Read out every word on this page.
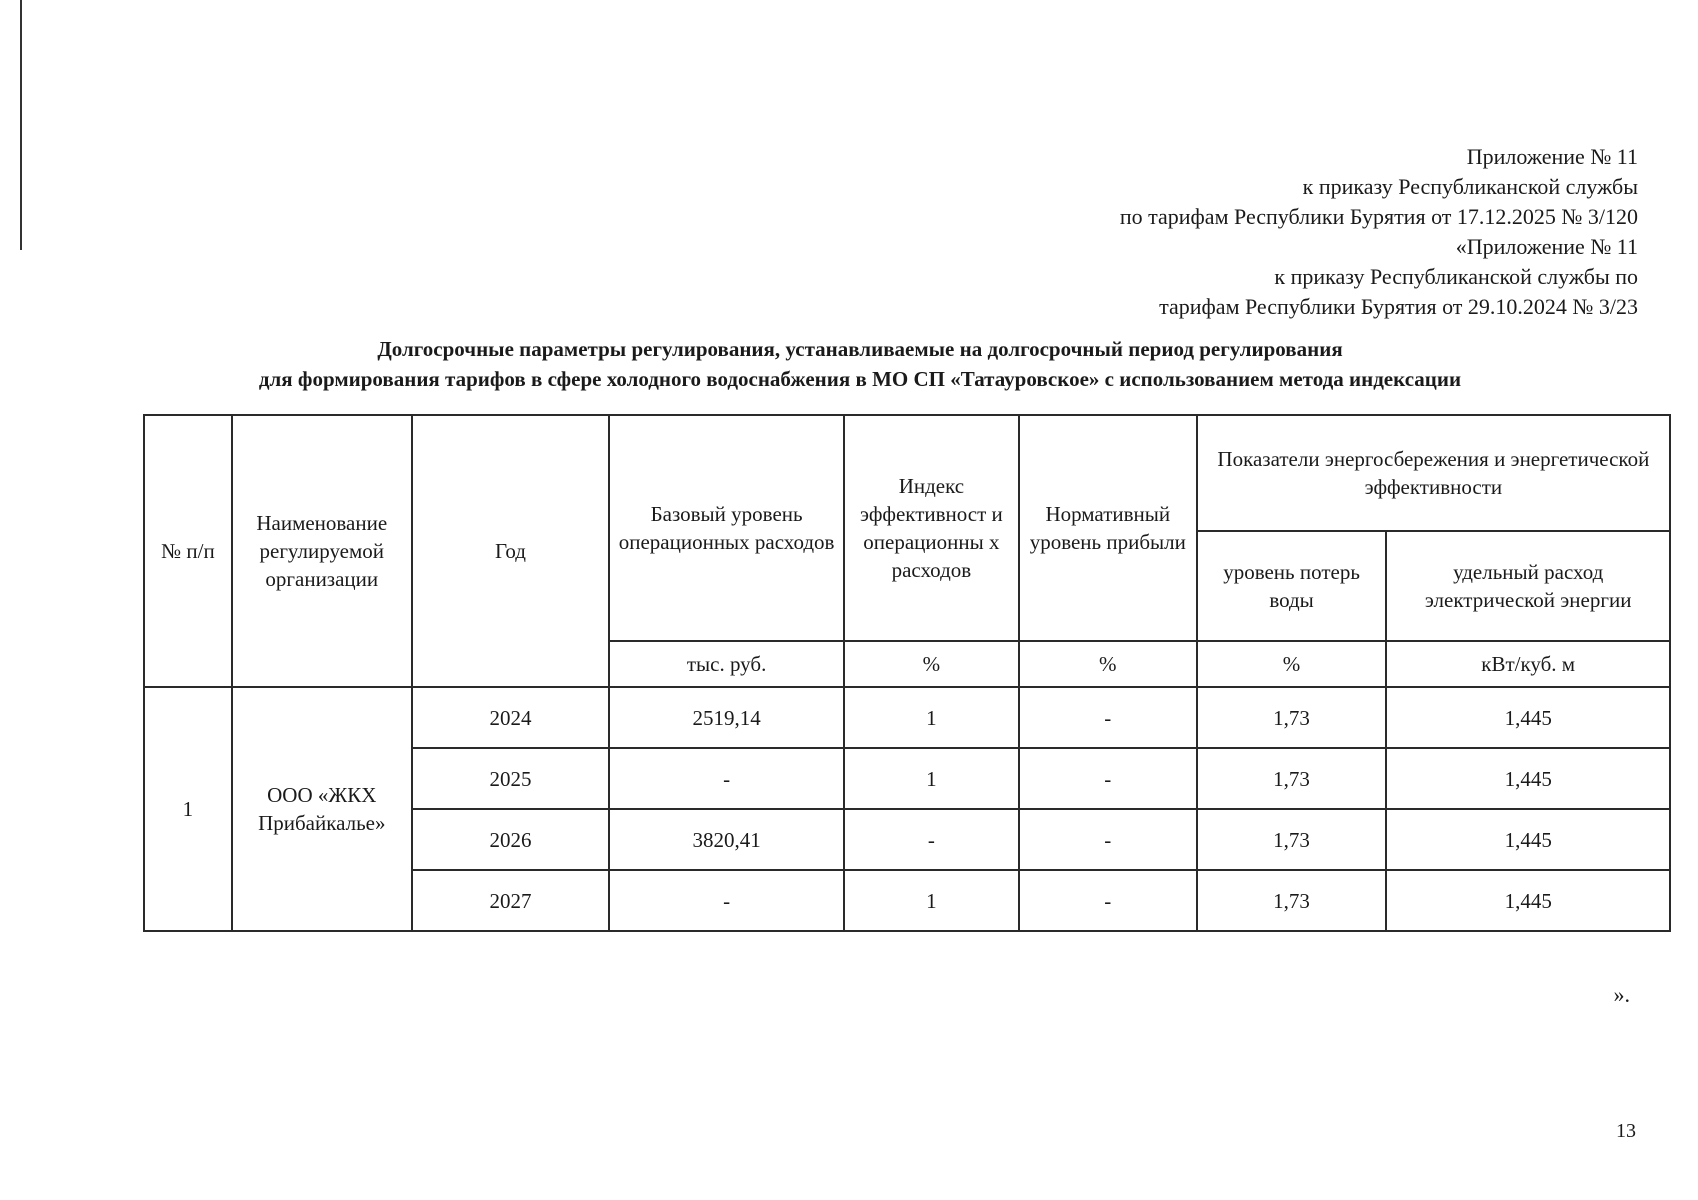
Приложение № 11
к приказу Республиканской службы
по тарифам Республики Бурятия от 17.12.2025 № 3/120
«Приложение № 11
к приказу Республиканской службы по
тарифам Республики Бурятия от 29.10.2024 № 3/23
Долгосрочные параметры регулирования, устанавливаемые на долгосрочный период регулирования
для формирования тарифов в сфере холодного водоснабжения в МО СП «Татауровское» с использованием метода индексации
№ п/п	Наименование регулируемой организации	Год	Базовый уровень операционных расходов	Индекс эффективност и операционны х расходов	Нормативный уровень прибыли	Показатели энергосбережения и энергетической эффективности	
						уровень потерь воды	удельный расход электрической энергии
			тыс. руб.	%	%	%	кВт/куб. м
1	ООО «ЖКХ Прибайкалье»	2024	2519,14	1	-	1,73	1,445
		2025	-	1	-	1,73	1,445
		2026	3820,41	-	-	1,73	1,445
		2027	-	1	-	1,73	1,445
».
13
